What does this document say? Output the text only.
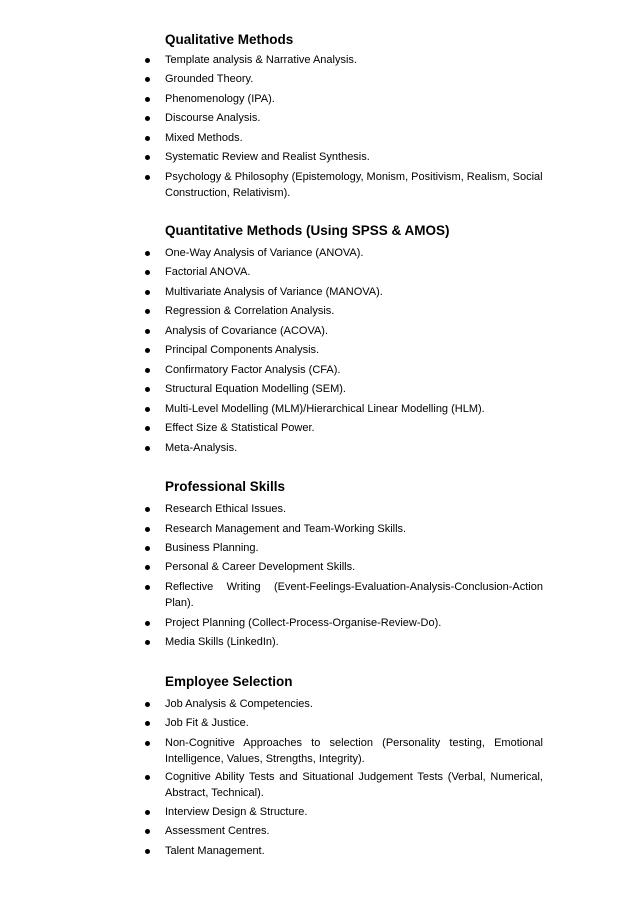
Qualitative Methods
Template analysis & Narrative Analysis.
Grounded Theory.
Phenomenology (IPA).
Discourse Analysis.
Mixed Methods.
Systematic Review and Realist Synthesis.
Psychology & Philosophy (Epistemology, Monism, Positivism, Realism, Social Construction, Relativism).
Quantitative Methods (Using SPSS & AMOS)
One-Way Analysis of Variance (ANOVA).
Factorial ANOVA.
Multivariate Analysis of Variance (MANOVA).
Regression & Correlation Analysis.
Analysis of Covariance (ACOVA).
Principal Components Analysis.
Confirmatory Factor Analysis (CFA).
Structural Equation Modelling (SEM).
Multi-Level Modelling (MLM)/Hierarchical Linear Modelling (HLM).
Effect Size & Statistical Power.
Meta-Analysis.
Professional Skills
Research Ethical Issues.
Research Management and Team-Working Skills.
Business Planning.
Personal & Career Development Skills.
Reflective Writing (Event-Feelings-Evaluation-Analysis-Conclusion-Action Plan).
Project Planning (Collect-Process-Organise-Review-Do).
Media Skills (LinkedIn).
Employee Selection
Job Analysis & Competencies.
Job Fit & Justice.
Non-Cognitive Approaches to selection (Personality testing, Emotional Intelligence, Values, Strengths, Integrity).
Cognitive Ability Tests and Situational Judgement Tests (Verbal, Numerical, Abstract, Technical).
Interview Design & Structure.
Assessment Centres.
Talent Management.
